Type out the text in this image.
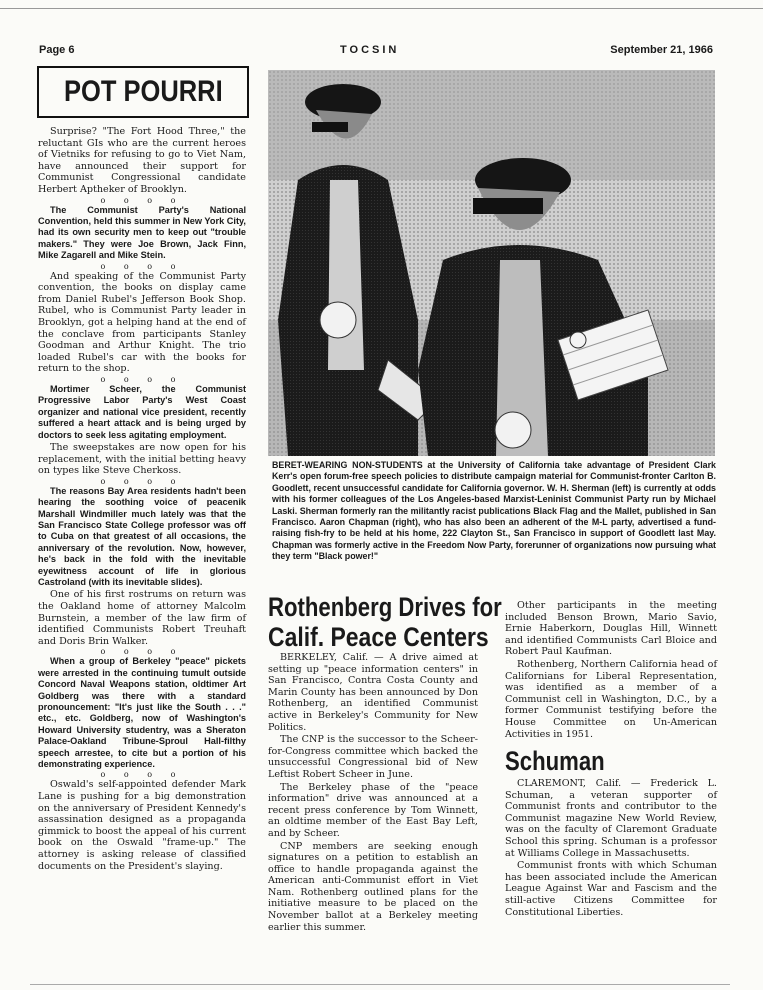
Page 6	TOCSIN	September 21, 1966
POT POURRI

Surprise? "The Fort Hood Three," the reluctant GIs who are the current heroes of Vietniks for refusing to go to Viet Nam, have announced their support for Communist Congressional candidate Herbert Aptheker of Brooklyn.

o o o o

The Communist Party's National Convention, held this summer in New York City, had its own security men to keep out "trouble makers." They were Joe Brown, Jack Finn, Mike Zagarell and Mike Stein.

o o o o

And speaking of the Communist Party convention, the books on display came from Daniel Rubel's Jefferson Book Shop. Rubel, who is Communist Party leader in Brooklyn, got a helping hand at the end of the conclave from participants Stanley Goodman and Arthur Knight. The trio loaded Rubel's car with the books for return to the shop.

o o o o

Mortimer Scheer, the Communist Progressive Labor Party's West Coast organizer and national vice president, recently suffered a heart attack and is being urged by doctors to seek less agitating employment.

The sweepstakes are now open for his replacement, with the initial betting heavy on types like Steve Cherkoss.

o o o o

The reasons Bay Area residents hadn't been hearing the soothing voice of peacenik Marshall Windmiller much lately was that the San Francisco State College professor was off to Cuba on that greatest of all occasions, the anniversary of the revolution. Now, however, he's back in the fold with the inevitable eyewitness account of life in glorious Castroland (with its inevitable slides).

One of his first rostrums on return was the Oakland home of attorney Malcolm Burnstein, a member of the law firm of identified Communists Robert Treuhaft and Doris Brin Walker.

o o o o

When a group of Berkeley "peace" pickets were arrested in the continuing tumult outside Concord Naval Weapons station, oldtimer Art Goldberg was there with a standard pronouncement: "It's just like the South . . ." etc., etc. Goldberg, now of Washington's Howard University studentry, was a Sheraton Palace-Oakland Tribune-Sproul Hall-filthy speech arrestee, to cite but a portion of his demonstrating experience.

o o o o

Oswald's self-appointed defender Mark Lane is pushing for a big demonstration on the anniversary of President Kennedy's assassination designed as a propaganda gimmick to boost the appeal of his current book on the Oswald "frame-up." The attorney is asking release of classified documents on the President's slaying.

BERET-WEARING NON-STUDENTS at the University of California take advantage of President Clark Kerr's open forum-free speech policies to distribute campaign material for Communist-fronter Carlton B. Goodlett, recent unsuccessful candidate for California governor. W. H. Sherman (left) is currently at odds with his former colleagues of the Los Angeles-based Marxist-Leninist Communist Party run by Michael Laski. Sherman formerly ran the militantly racist publications Black Flag and the Mallet, published in San Francisco. Aaron Chapman (right), who has also been an adherent of the M-L party, advertised a fund-raising fish-fry to be held at his home, 222 Clayton St., San Francisco in support of Goodlett last May. Chapman was formerly active in the Freedom Now Party, forerunner of organizations now pursuing what they term "Black power!"
Rothenberg Drives for
Calif. Peace Centers

BERKELEY, Calif. — A drive aimed at setting up "peace information centers" in San Francisco, Contra Costa County and Marin County has been announced by Don Rothenberg, an identified Communist active in Berkeley's Community for New Politics.

The CNP is the successor to the Scheer-for-Congress committee which backed the unsuccessful Congressional bid of New Leftist Robert Scheer in June.

The Berkeley phase of the "peace information" drive was announced at a recent press conference by Tom Winnett, an oldtime member of the East Bay Left, and by Scheer.

CNP members are seeking enough signatures on a petition to establish an office to handle propaganda against the American anti-Communist effort in Viet Nam. Rothenberg outlined plans for the initiative measure to be placed on the November ballot at a Berkeley meeting earlier this summer.

Other participants in the meeting included Benson Brown, Mario Savio, Ernie Haberkorn, Douglas Hill, Winnett and identified Communists Carl Bloice and Robert Paul Kaufman.

Rothenberg, Northern California head of Californians for Liberal Representation, was identified as a member of a Communist cell in Washington, D.C., by a former Communist testifying before the House Committee on Un-American Activities in 1951.

Schuman

CLAREMONT, Calif. — Frederick L. Schuman, a veteran supporter of Communist fronts and contributor to the Communist magazine New World Review, was on the faculty of Claremont Graduate School this spring. Schuman is a professor at Williams College in Massachusetts.

Communist fronts with which Schuman has been associated include the American League Against War and Fascism and the still-active Citizens Committee for Constitutional Liberties.
